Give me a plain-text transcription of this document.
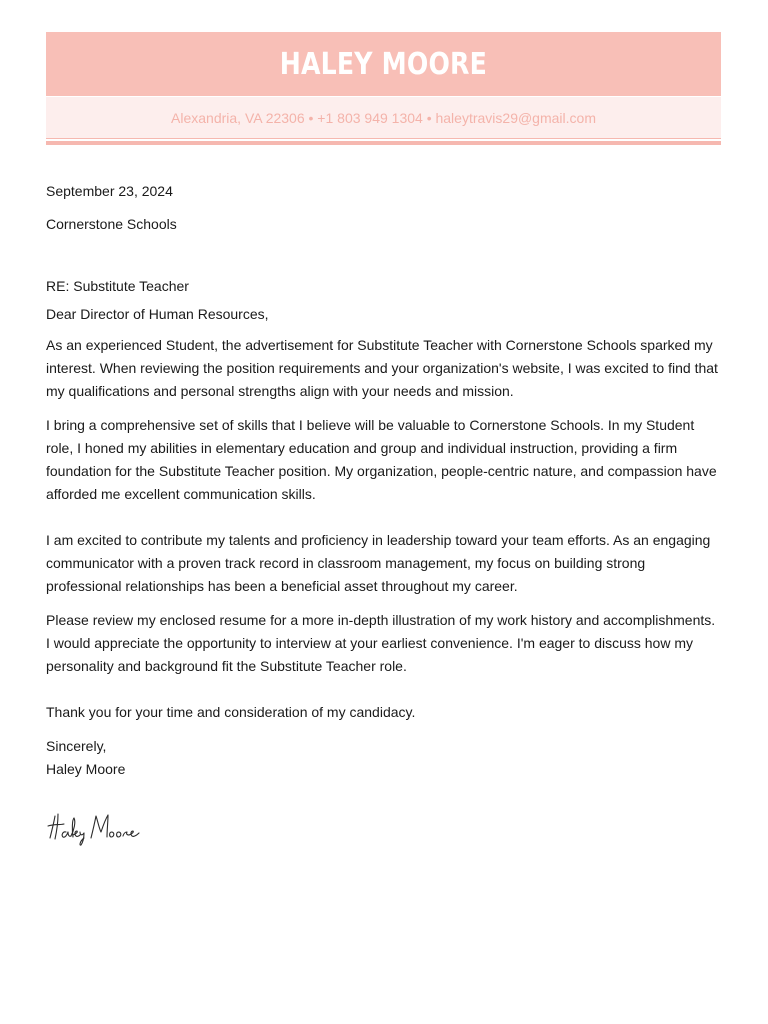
HALEY MOORE
Alexandria, VA 22306 • +1 803 949 1304 • haleytravis29@gmail.com

September 23, 2024

Cornerstone Schools

RE: Substitute Teacher

Dear Director of Human Resources,

As an experienced Student, the advertisement for Substitute Teacher with Cornerstone Schools sparked my interest. When reviewing the position requirements and your organization's website, I was excited to find that my qualifications and personal strengths align with your needs and mission.

I bring a comprehensive set of skills that I believe will be valuable to Cornerstone Schools. In my Student role, I honed my abilities in elementary education and group and individual instruction, providing a firm foundation for the Substitute Teacher position. My organization, people-centric nature, and compassion have afforded me excellent communication skills.

I am excited to contribute my talents and proficiency in leadership toward your team efforts. As an engaging communicator with a proven track record in classroom management, my focus on building strong professional relationships has been a beneficial asset throughout my career.

Please review my enclosed resume for a more in-depth illustration of my work history and accomplishments. I would appreciate the opportunity to interview at your earliest convenience. I'm eager to discuss how my personality and background fit the Substitute Teacher role.

Thank you for your time and consideration of my candidacy.

Sincerely,

Haley Moore
